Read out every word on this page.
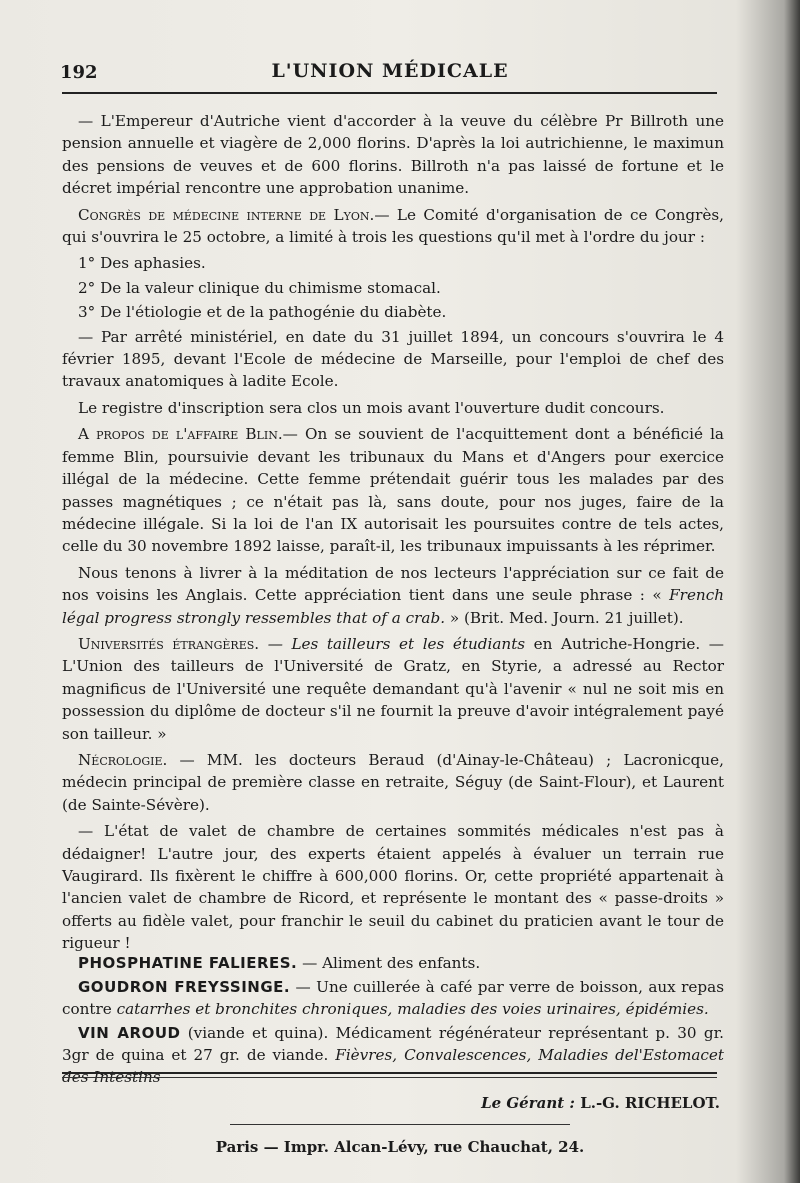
192	L'UNION MÉDICALE

— L'Empereur d'Autriche vient d'accorder à la veuve du célèbre Pr Billroth une pension annuelle et viagère de 2,000 florins. D'après la loi autrichienne, le maximun des pensions de veuves et de 600 florins. Billroth n'a pas laissé de fortune et le décret impérial rencontre une approbation unanime.

Congrès de médecine interne de Lyon.— Le Comité d'organisation de ce Congrès, qui s'ouvrira le 25 octobre, a limité à trois les questions qu'il met à l'ordre du jour :

1° Des aphasies.

2° De la valeur clinique du chimisme stomacal.

3° De l'étiologie et de la pathogénie du diabète.

— Par arrêté ministériel, en date du 31 juillet 1894, un concours s'ouvrira le 4 février 1895, devant l'Ecole de médecine de Marseille, pour l'emploi de chef des travaux anatomiques à ladite Ecole.

Le registre d'inscription sera clos un mois avant l'ouverture dudit concours.

A propos de l'affaire Blin.— On se souvient de l'acquittement dont a bénéficié la femme Blin, poursuivie devant les tribunaux du Mans et d'Angers pour exercice illégal de la médecine. Cette femme prétendait guérir tous les malades par des passes magnétiques ; ce n'était pas là, sans doute, pour nos juges, faire de la médecine illégale. Si la loi de l'an IX autorisait les poursuites contre de tels actes, celle du 30 novembre 1892 laisse, paraît-il, les tribunaux impuissants à les réprimer.

Nous tenons à livrer à la méditation de nos lecteurs l'appréciation sur ce fait de nos voisins les Anglais. Cette appréciation tient dans une seule phrase : « French légal progress strongly ressembles that of a crab. » (Brit. Med. Journ. 21 juillet).

Universités étrangères. — Les tailleurs et les étudiants en Autriche-Hongrie. — L'Union des tailleurs de l'Université de Gratz, en Styrie, a adressé au Rector magnificus de l'Université une requête demandant qu'à l'avenir « nul ne soit mis en possession du diplôme de docteur s'il ne fournit la preuve d'avoir intégralement payé son tailleur. »

Nécrologie. — MM. les docteurs Beraud (d'Ainay-le-Château) ; Lacronicque, médecin principal de première classe en retraite, Séguy (de Saint-Flour), et Laurent (de Sainte-Sévère).

— L'état de valet de chambre de certaines sommités médicales n'est pas à dédaigner! L'autre jour, des experts étaient appelés à évaluer un terrain rue Vaugirard. Ils fixèrent le chiffre à 600,000 florins. Or, cette propriété appartenait à l'ancien valet de chambre de Ricord, et représente le montant des « passe-droits » offerts au fidèle valet, pour franchir le seuil du cabinet du praticien avant le tour de rigueur !

PHOSPHATINE FALIERES. — Aliment des enfants.

GOUDRON FREYSSINGE. — Une cuillerée à café par verre de boisson, aux repas contre catarrhes et bronchites chroniques, maladies des voies urinaires, épidémies.

VIN AROUD (viande et quina). Médicament régénérateur représentant p. 30 gr. 3gr de quina et 27 gr. de viande. Fièvres, Convalescences, Maladies del'Estomacet des Intestins

Le Gérant : L.-G. RICHELOT.
Paris — Impr. Alcan-Lévy, rue Chauchat, 24.
